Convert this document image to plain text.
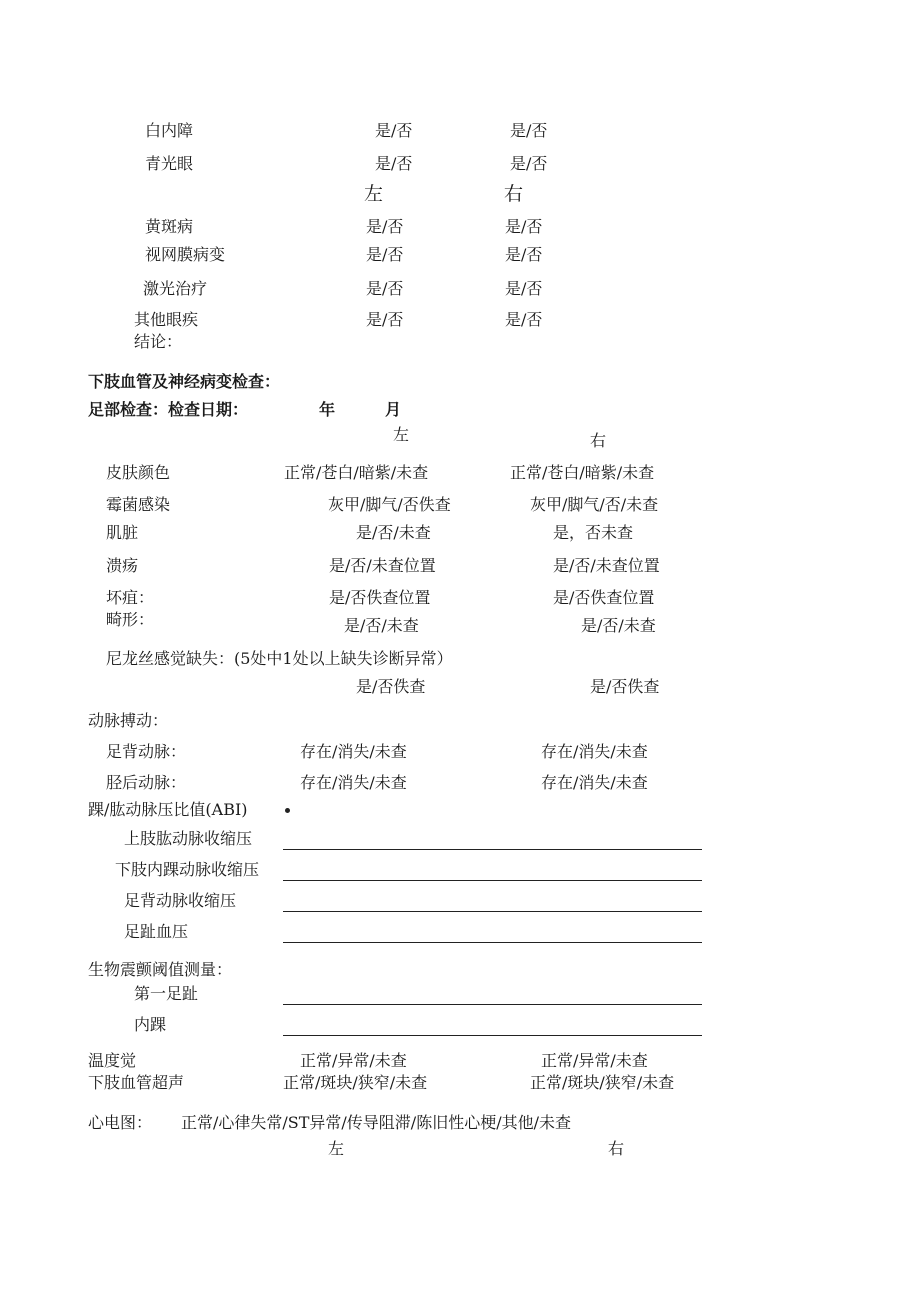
白内障	是/否	是/否
青光眼	是/否	是/否
左	右
黄斑病	是/否	是/否
视网膜病变	是/否	是/否
激光治疗	是/否	是/否
其他眼疾	是/否	是/否
结论：
下肢血管及神经病变检查：
足部检查：检查日期：	年	月
左	右
皮肤颜色	正常/苍白/暗紫/未查	正常/苍白/暗紫/未查
霉菌感染	灰甲/脚气/否佚查	灰甲/脚气/否/未查
肌脏	是/否/未查	是，否未查
溃疡	是/否/未查位置	是/否/未查位置
坏疽：	是/否佚查位置	是/否佚查位置
畸形：	是/否/未查	是/否/未查
尼龙丝感觉缺失：(5处中1处以上缺失诊断异常）
是/否佚查	是/否佚查
动脉搏动：
足背动脉：	存在/消失/未查	存在/消失/未查
胫后动脉：	存在/消失/未查	存在/消失/未查
踝/肱动脉压比值(ABI)
上肢肱动脉收缩压
下肢内踝动脉收缩压
足背动脉收缩压
足趾血压
生物震颤阈值测量：
第一足趾
内踝
温度觉	正常/异常/未查	正常/异常/未查
下肢血管超声	正常/斑块/狭窄/未查	正常/斑块/狭窄/未查
心电图： 正常/心律失常/ST异常/传导阻滞/陈旧性心梗/其他/未查
左	右
